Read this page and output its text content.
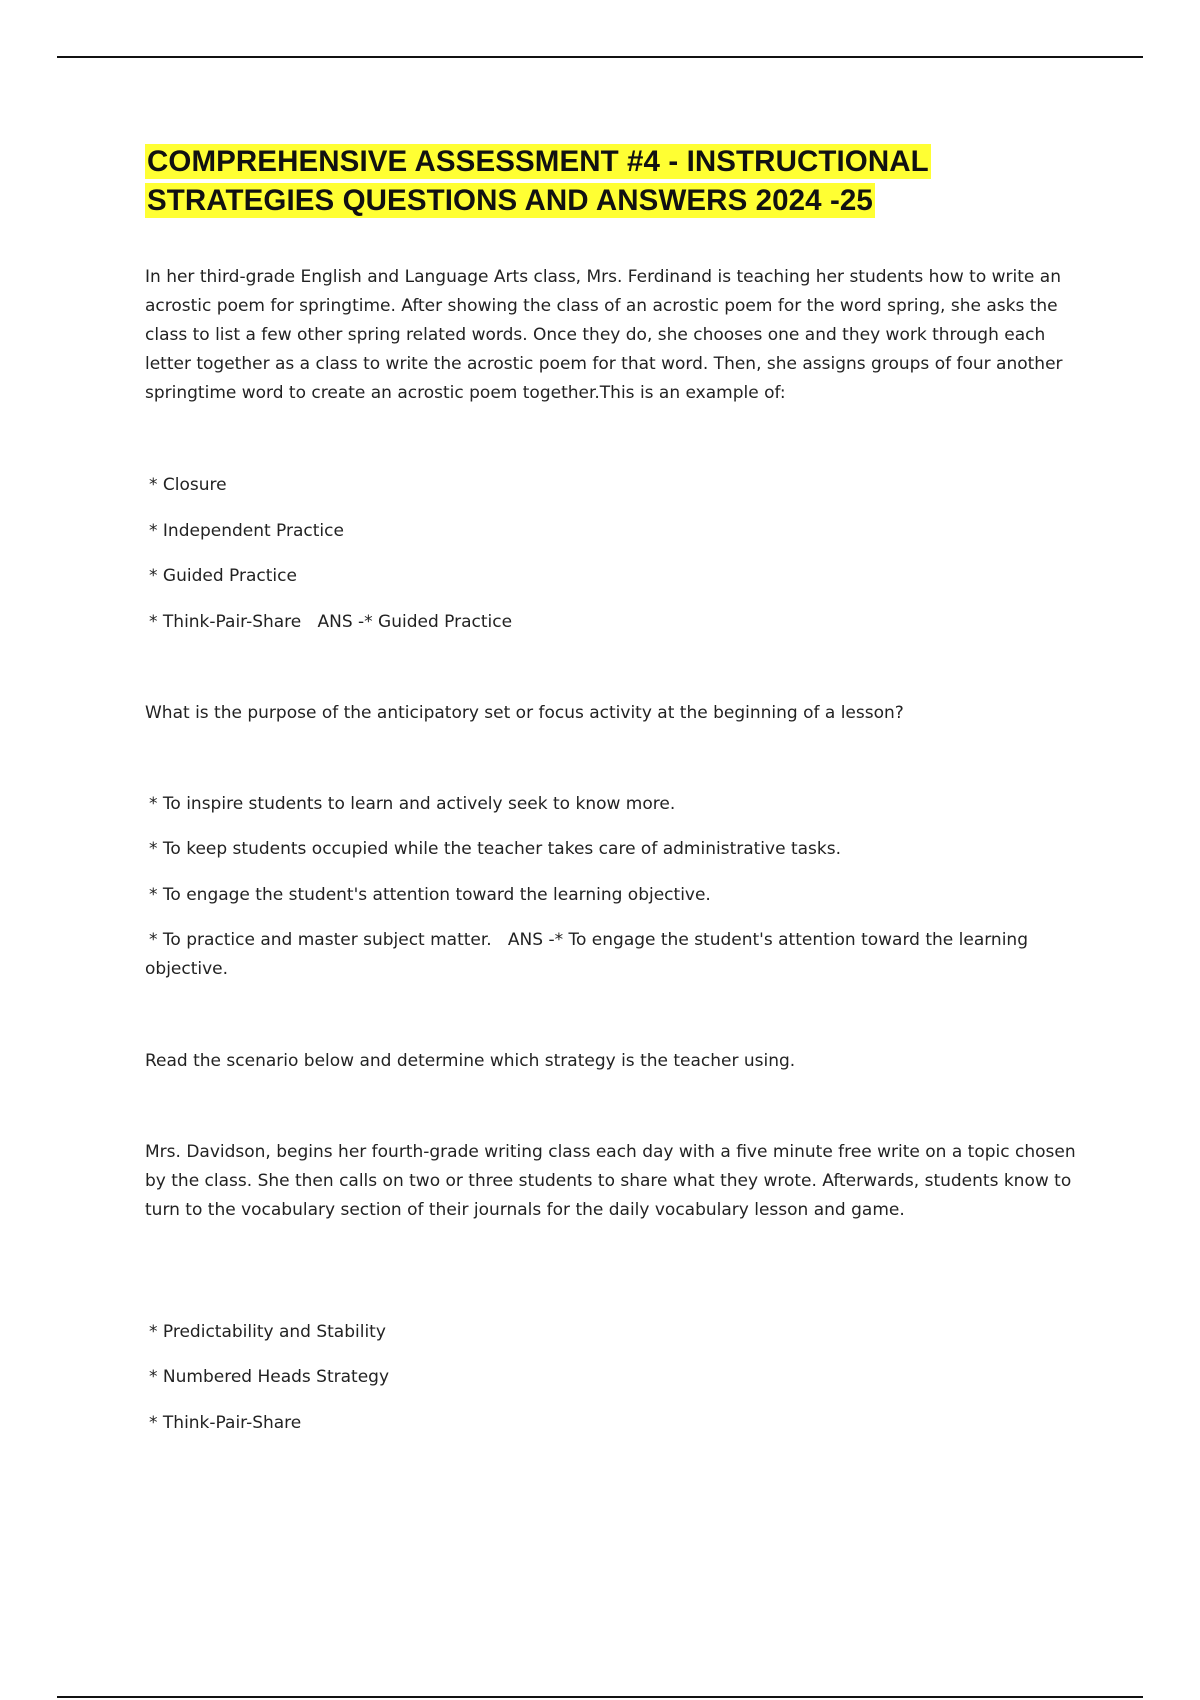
COMPREHENSIVE ASSESSMENT #4 - INSTRUCTIONAL STRATEGIES QUESTIONS AND ANSWERS 2024 -25

In her third-grade English and Language Arts class, Mrs. Ferdinand is teaching her students how to write an acrostic poem for springtime. After showing the class of an acrostic poem for the word spring, she asks the class to list a few other spring related words. Once they do, she chooses one and they work through each letter together as a class to write the acrostic poem for that word. Then, she assigns groups of four another springtime word to create an acrostic poem together.This is an example of:

* Closure

* Independent Practice

* Guided Practice

* Think-Pair-Share   ANS -* Guided Practice

What is the purpose of the anticipatory set or focus activity at the beginning of a lesson?

* To inspire students to learn and actively seek to know more.

* To keep students occupied while the teacher takes care of administrative tasks.

* To engage the student's attention toward the learning objective.

* To practice and master subject matter.   ANS -* To engage the student's attention toward the learning objective.

Read the scenario below and determine which strategy is the teacher using.

Mrs. Davidson, begins her fourth-grade writing class each day with a five minute free write on a topic chosen by the class. She then calls on two or three students to share what they wrote. Afterwards, students know to turn to the vocabulary section of their journals for the daily vocabulary lesson and game.

* Predictability and Stability

* Numbered Heads Strategy

* Think-Pair-Share
